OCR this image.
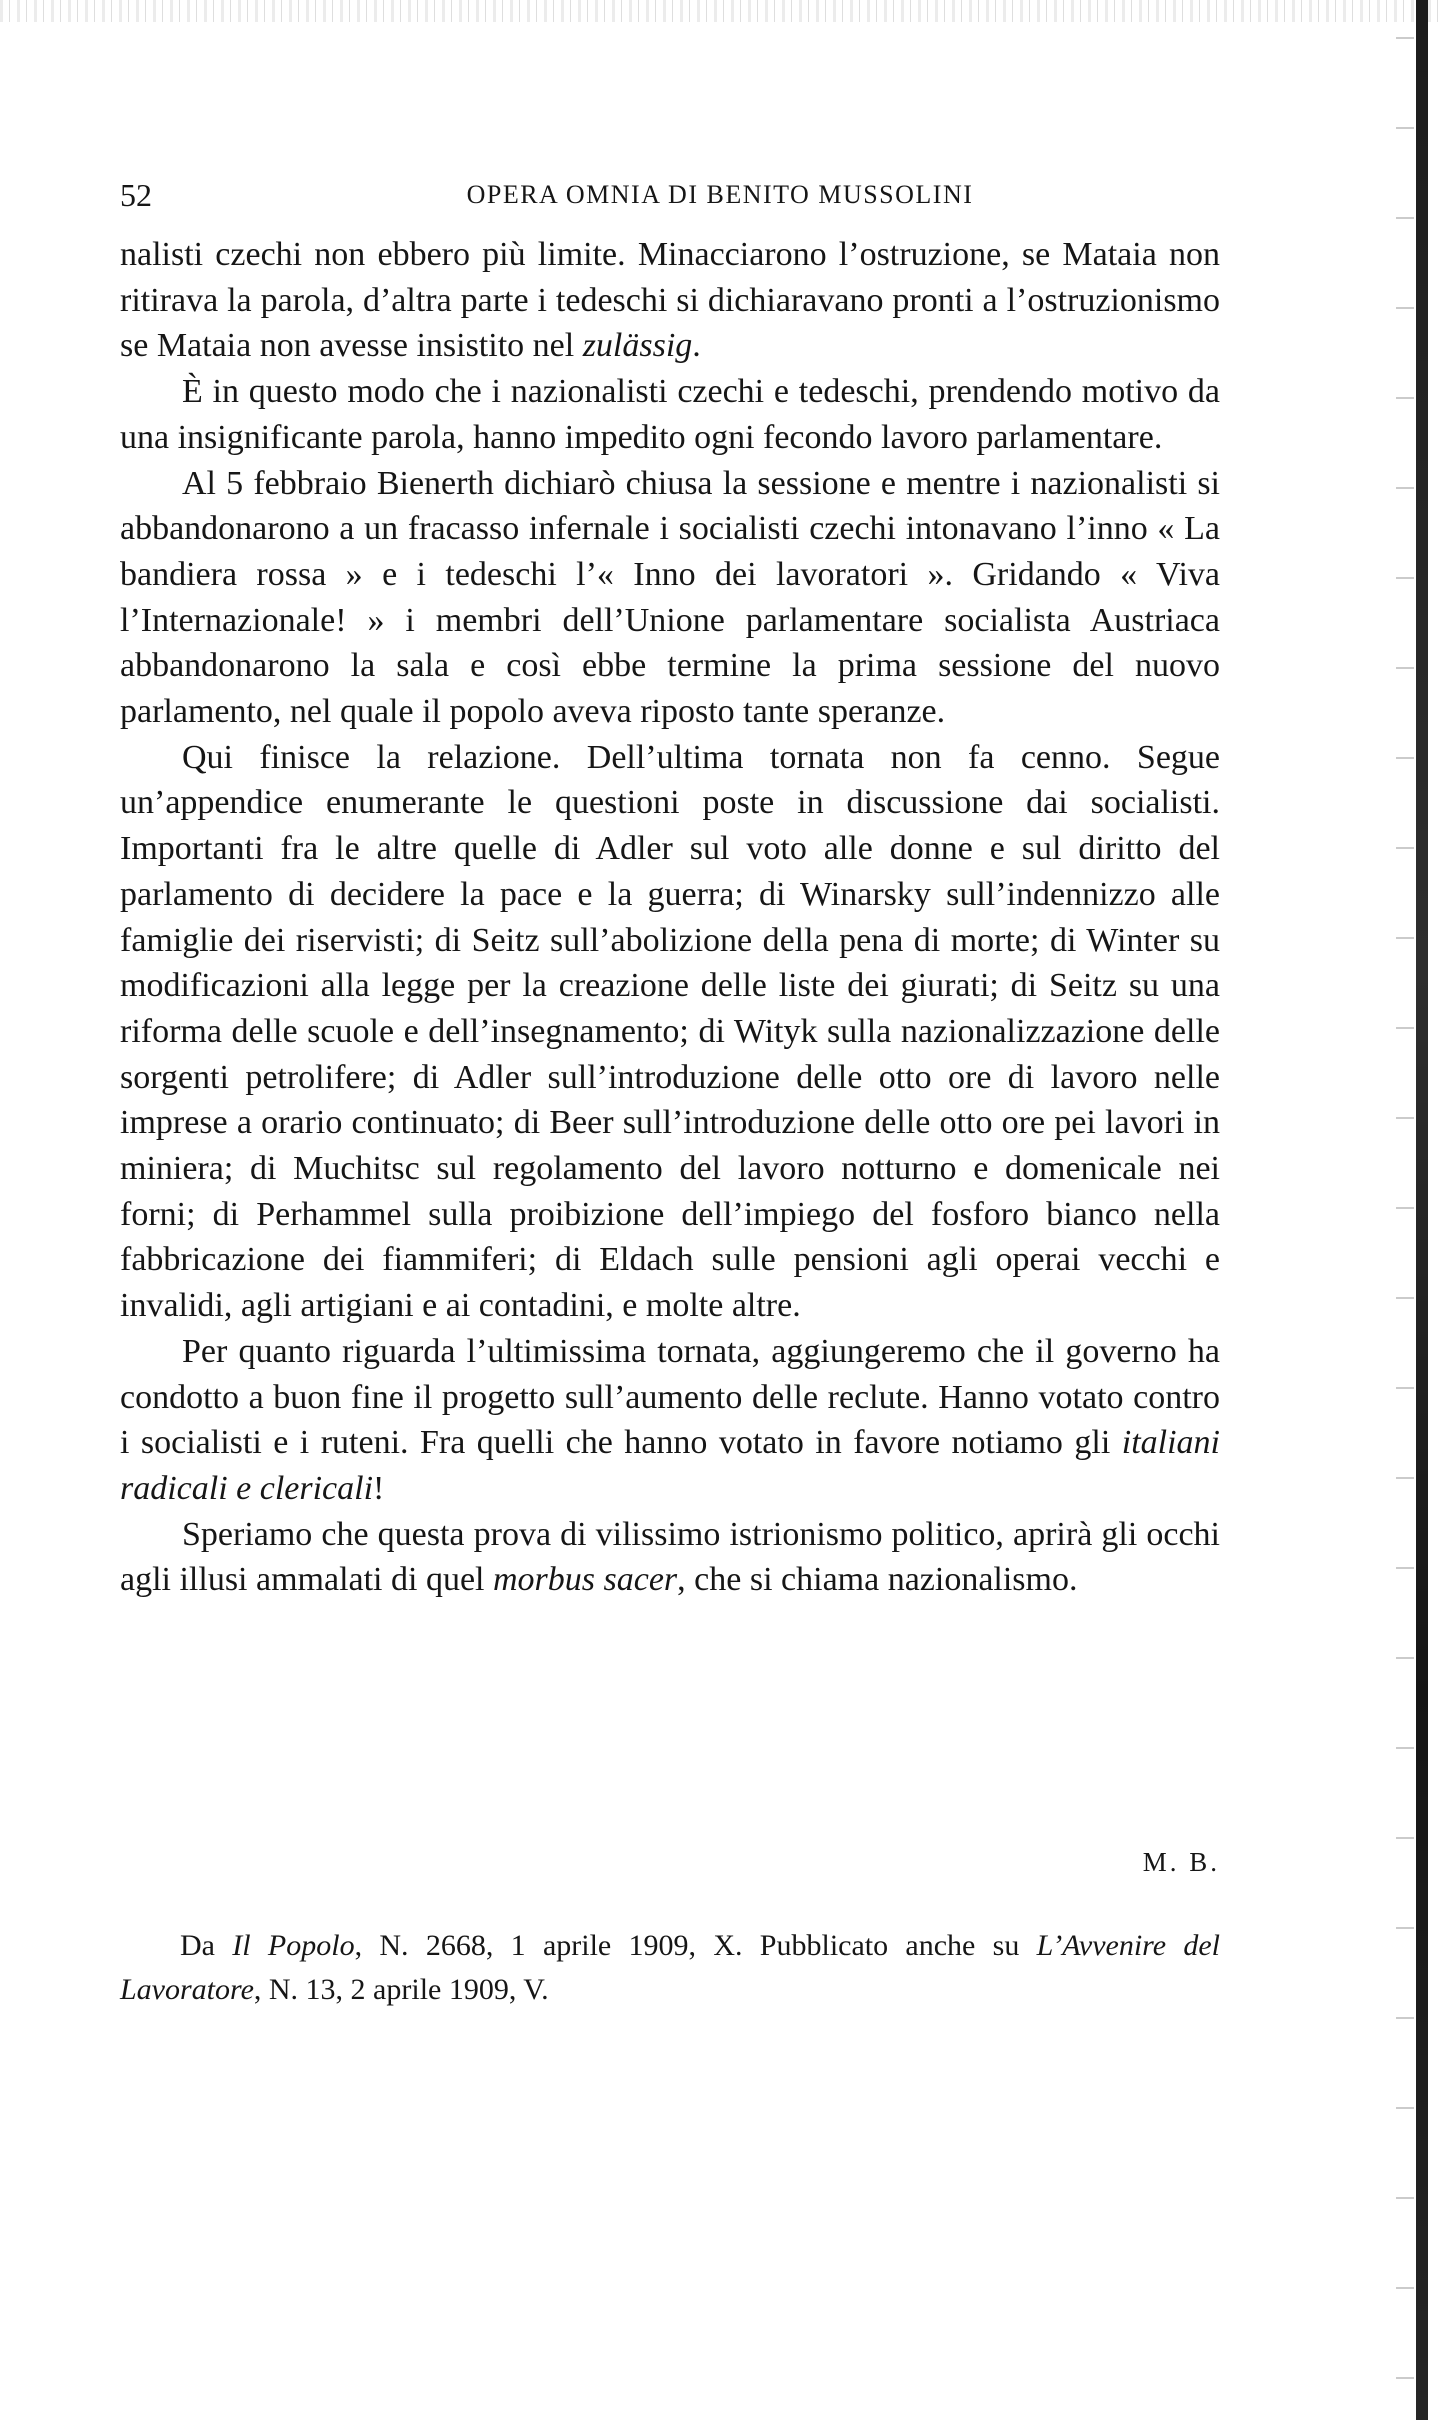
52	OPERA OMNIA DI BENITO MUSSOLINI

nalisti czechi non ebbero più limite. Minacciarono l’ostruzione, se Mataia non ritirava la parola, d’altra parte i tedeschi si dichiaravano pronti a l’ostruzionismo se Mataia non avesse insistito nel zulässig.

È in questo modo che i nazionalisti czechi e tedeschi, prendendo motivo da una insignificante parola, hanno impedito ogni fecondo lavoro parlamentare.

Al 5 febbraio Bienerth dichiarò chiusa la sessione e mentre i nazionalisti si abbandonarono a un fracasso infernale i socialisti czechi intonavano l’inno « La bandiera rossa » e i tedeschi l’« Inno dei lavoratori ». Gridando « Viva l’Internazionale! » i membri dell’Unione parlamentare socialista Austriaca abbandonarono la sala e così ebbe termine la prima sessione del nuovo parlamento, nel quale il popolo aveva riposto tante speranze.

Qui finisce la relazione. Dell’ultima tornata non fa cenno. Segue un’appendice enumerante le questioni poste in discussione dai socialisti. Importanti fra le altre quelle di Adler sul voto alle donne e sul diritto del parlamento di decidere la pace e la guerra; di Winarsky sull’indennizzo alle famiglie dei riservisti; di Seitz sull’abolizione della pena di morte; di Winter su modificazioni alla legge per la creazione delle liste dei giurati; di Seitz su una riforma delle scuole e dell’insegnamento; di Wityk sulla nazionalizzazione delle sorgenti petrolifere; di Adler sull’introduzione delle otto ore di lavoro nelle imprese a orario continuato; di Beer sull’introduzione delle otto ore pei lavori in miniera; di Muchitsc sul regolamento del lavoro notturno e domenicale nei forni; di Perhammel sulla proibizione dell’impiego del fosforo bianco nella fabbricazione dei fiammiferi; di Eldach sulle pensioni agli operai vecchi e invalidi, agli artigiani e ai contadini, e molte altre.

Per quanto riguarda l’ultimissima tornata, aggiungeremo che il governo ha condotto a buon fine il progetto sull’aumento delle reclute. Hanno votato contro i socialisti e i ruteni. Fra quelli che hanno votato in favore notiamo gli italiani radicali e clericali!

Speriamo che questa prova di vilissimo istrionismo politico, aprirà gli occhi agli illusi ammalati di quel morbus sacer, che si chiama nazionalismo.

M. B.
Da Il Popolo, N. 2668, 1 aprile 1909, X. Pubblicato anche su L’Avvenire del Lavoratore, N. 13, 2 aprile 1909, V.
